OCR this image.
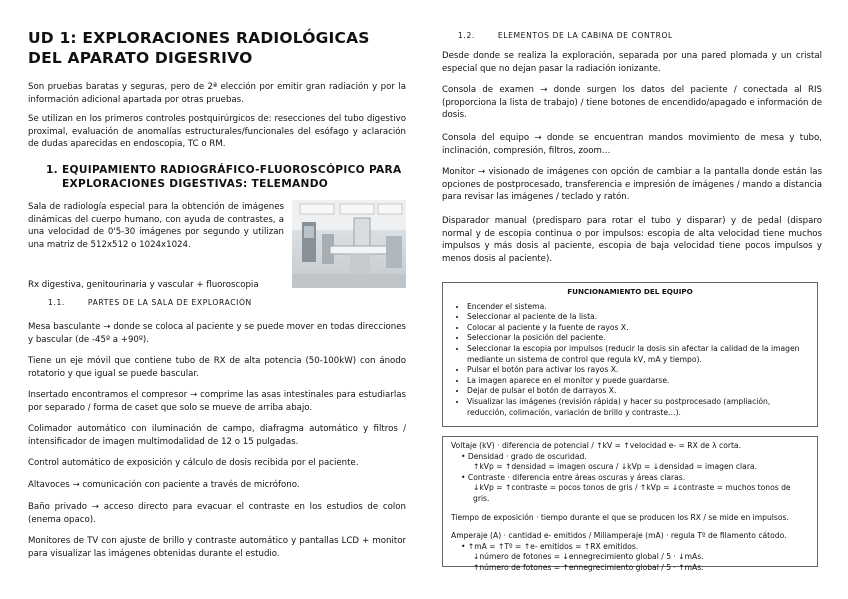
UD 1: EXPLORACIONES RADIOLÓGICAS DEL APARATO DIGESRIVO

Son pruebas baratas y seguras, pero de 2ª elección por emitir gran radiación y por la información adicional apartada por otras pruebas.

Se utilizan en los primeros controles postquirúrgicos de: resecciones del tubo digestivo proximal, evaluación de anomalías estructurales/funcionales del esófago y aclaración de dudas aparecidas en endoscopia, TC o RM.

1. EQUIPAMIENTO RADIOGRÁFICO-FLUOROSCÓPICO PARA EXPLORACIONES DIGESTIVAS: TELEMANDO

Sala de radiología especial para la obtención de imágenes dinámicas del cuerpo humano, con ayuda de contrastes, a una velocidad de 0'5-30 imágenes por segundo y utilizan una matriz de 512x512 o 1024x1024.

Rx digestiva, genitourinaria y vascular + fluoroscopia

1.1.	PARTES DE LA SALA DE EXPLORACIÓN

Mesa basculante → donde se coloca al paciente y se puede mover en todas direcciones y bascular (de -45º a +90º).

Tiene un eje móvil que contiene tubo de RX de alta potencia (50-100kW) con ánodo rotatorio y que igual se puede bascular.

Insertado encontramos el compresor → comprime las asas intestinales para estudiarlas por separado / forma de caset que solo se mueve de arriba abajo.

Colimador automático con iluminación de campo, diafragma automático y filtros / intensificador de imagen multimodalidad de 12 o 15 pulgadas.

Control automático de exposición y cálculo de dosis recibida por el paciente.

Altavoces → comunicación con paciente a través de micrófono.

Baño privado → acceso directo para evacuar el contraste en los estudios de colon (enema opaco).

Monitores de TV con ajuste de brillo y contraste automático y pantallas LCD + monitor para visualizar las imágenes obtenidas durante el estudio.

1.2.	ELEMENTOS DE LA CABINA DE CONTROL

Desde donde se realiza la exploración, separada por una pared plomada y un cristal especial que no dejan pasar la radiación ionizante.

Consola de examen → donde surgen los datos del paciente / conectada al RIS (proporciona la lista de trabajo) / tiene botones de encendido/apagado e información de dosis.

Consola del equipo → donde se encuentran mandos movimiento de mesa y tubo, inclinación, compresión, filtros, zoom…

Monitor → visionado de imágenes con opción de cambiar a la pantalla donde están las opciones de postprocesado, transferencia e impresión de imágenes / mando a distancia para revisar las imágenes / teclado y ratón.

Disparador manual (predisparo para rotar el tubo y disparar) y de pedal (disparo normal y de escopia continua o por impulsos: escopia de alta velocidad tiene muchos impulsos y más dosis al paciente, escopia de baja velocidad tiene pocos impulsos y menos dosis al paciente).

FUNCIONAMIENTO DEL EQUIPO
• Encender el sistema.
• Seleccionar al paciente de la lista.
• Colocar al paciente y la fuente de rayos X.
• Seleccionar la posición del paciente.
• Seleccionar la escopia por impulsos (reducir la dosis sin afectar la calidad de la imagen mediante un sistema de control que regula kV, mA y tiempo).
• Pulsar el botón para activar los rayos X.
• La imagen aparece en el monitor y puede guardarse.
• Dejar de pulsar el botón de darrayos X.
• Visualizar las imágenes (revisión rápida) y hacer su postprocesado (ampliación, reducción, colimación, variación de brillo y contraste…).
Voltaje (kV) · diferencia de potencial / ↑kV = ↑velocidad e- = RX de λ corta.
• Densidad · grado de oscuridad.
↑kVp = ↑densidad = imagen oscura / ↓kVp = ↓densidad = imagen clara.
• Contraste · diferencia entre áreas oscuras y áreas claras.
↓kVp = ↑contraste = pocos tonos de gris / ↑kVp = ↓contraste = muchos tonos de gris.
Tiempo de exposición · tiempo durante el que se producen los RX / se mide en impulsos.
Amperaje (A) · cantidad e- emitidos / Miliamperaje (mA) · regula Tº de filamento cátodo.
• ↑mA = ↑Tº = ↑e- emitidos = ↑RX emitidos.
↓número de fotones = ↓ennegrecimiento global / 5 · ↓mAs.
↑número de fotones = ↑ennegrecimiento global / 5 · ↑mAs.
